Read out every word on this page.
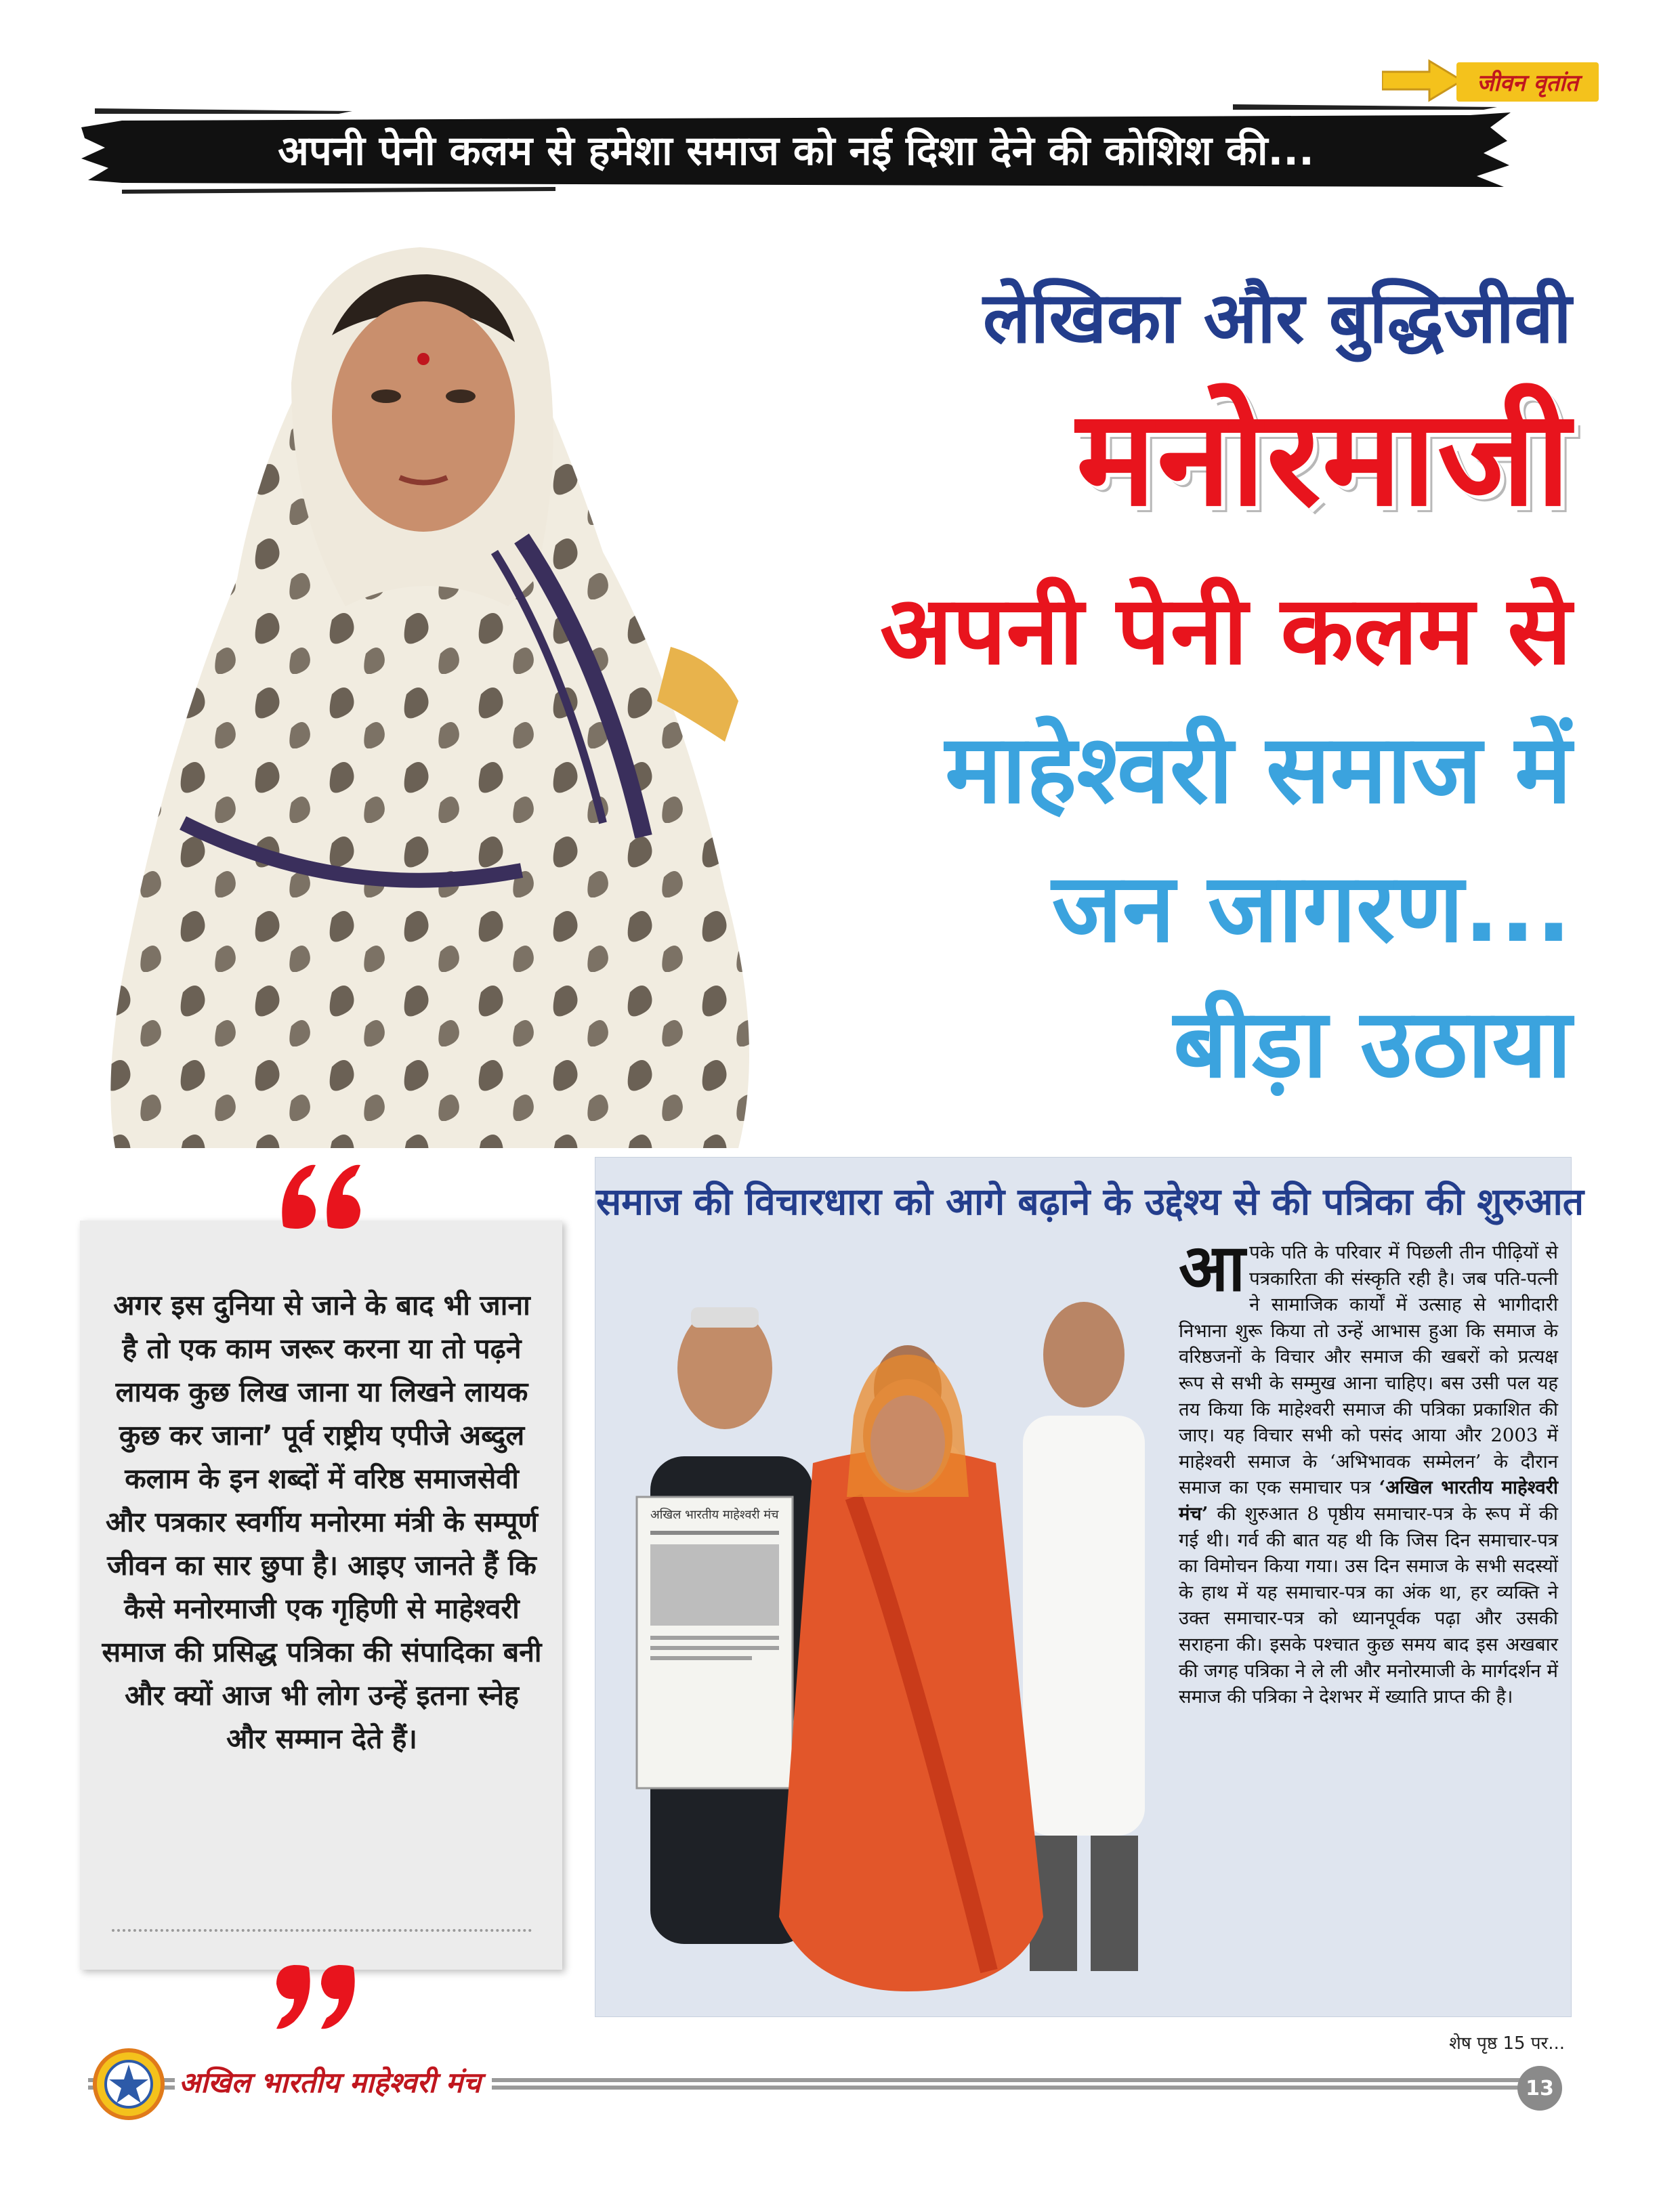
जीवन वृतांत
अपनी पेनी कलम से हमेशा समाज को नई दिशा देने की कोशिश की...
लेखिका और बुद्धिजीवी
मनोरमाजी
अपनी पेनी कलम से
माहेश्वरी समाज में
जन जागरण...
बीड़ा उठाया
अगर इस दुनिया से जाने के बाद भी जाना है तो एक काम जरूर करना या तो पढ़ने लायक कुछ लिख जाना या लिखने लायक कुछ कर जाना’ पूर्व राष्ट्रीय एपीजे अब्दुल कलाम के इन शब्दों में वरिष्ठ समाजसेवी और पत्रकार स्वर्गीय मनोरमा मंत्री के सम्पूर्ण जीवन का सार छुपा है। आइए जानते हैं कि कैसे मनोरमाजी एक गृहिणी से माहेश्वरी समाज की प्रसिद्ध पत्रिका की संपादिका बनी और क्यों आज भी लोग उन्हें इतना स्नेह और सम्मान देते हैं।
समाज की विचारधारा को आगे बढ़ाने के उद्देश्य से की पत्रिका की शुरुआत
अखिल भारतीय माहेश्वरी मंच
आ पके पति के परिवार में पिछली तीन पीढ़ियों से पत्रकारिता की संस्कृति रही है। जब पति-पत्नी ने सामाजिक कार्यों में उत्साह से भागीदारी निभाना शुरू किया तो उन्हें आभास हुआ कि समाज के वरिष्ठजनों के विचार और समाज की खबरों को प्रत्यक्ष रूप से सभी के सम्मुख आना चाहिए। बस उसी पल यह तय किया कि माहेश्वरी समाज की पत्रिका प्रकाशित की जाए। यह विचार सभी को पसंद आया और 2003 में माहेश्वरी समाज के ‘अभिभावक सम्मेलन’ के दौरान समाज का एक समाचार पत्र ‘अखिल भारतीय माहेश्वरी मंच’ की शुरुआत 8 पृष्ठीय समाचार-पत्र के रूप में की गई थी। गर्व की बात यह थी कि जिस दिन समाचार-पत्र का विमोचन किया गया। उस दिन समाज के सभी सदस्यों के हाथ में यह समाचार-पत्र का अंक था, हर व्यक्ति ने उक्त समाचार-पत्र को ध्यानपूर्वक पढ़ा और उसकी सराहना की। इसके पश्चात कुछ समय बाद इस अखबार की जगह पत्रिका ने ले ली और मनोरमाजी के मार्गदर्शन में समाज की पत्रिका ने देशभर में ख्याति प्राप्त की है।
शेष पृष्ठ 15 पर...
अखिल भारतीय माहेश्वरी मंच	13
